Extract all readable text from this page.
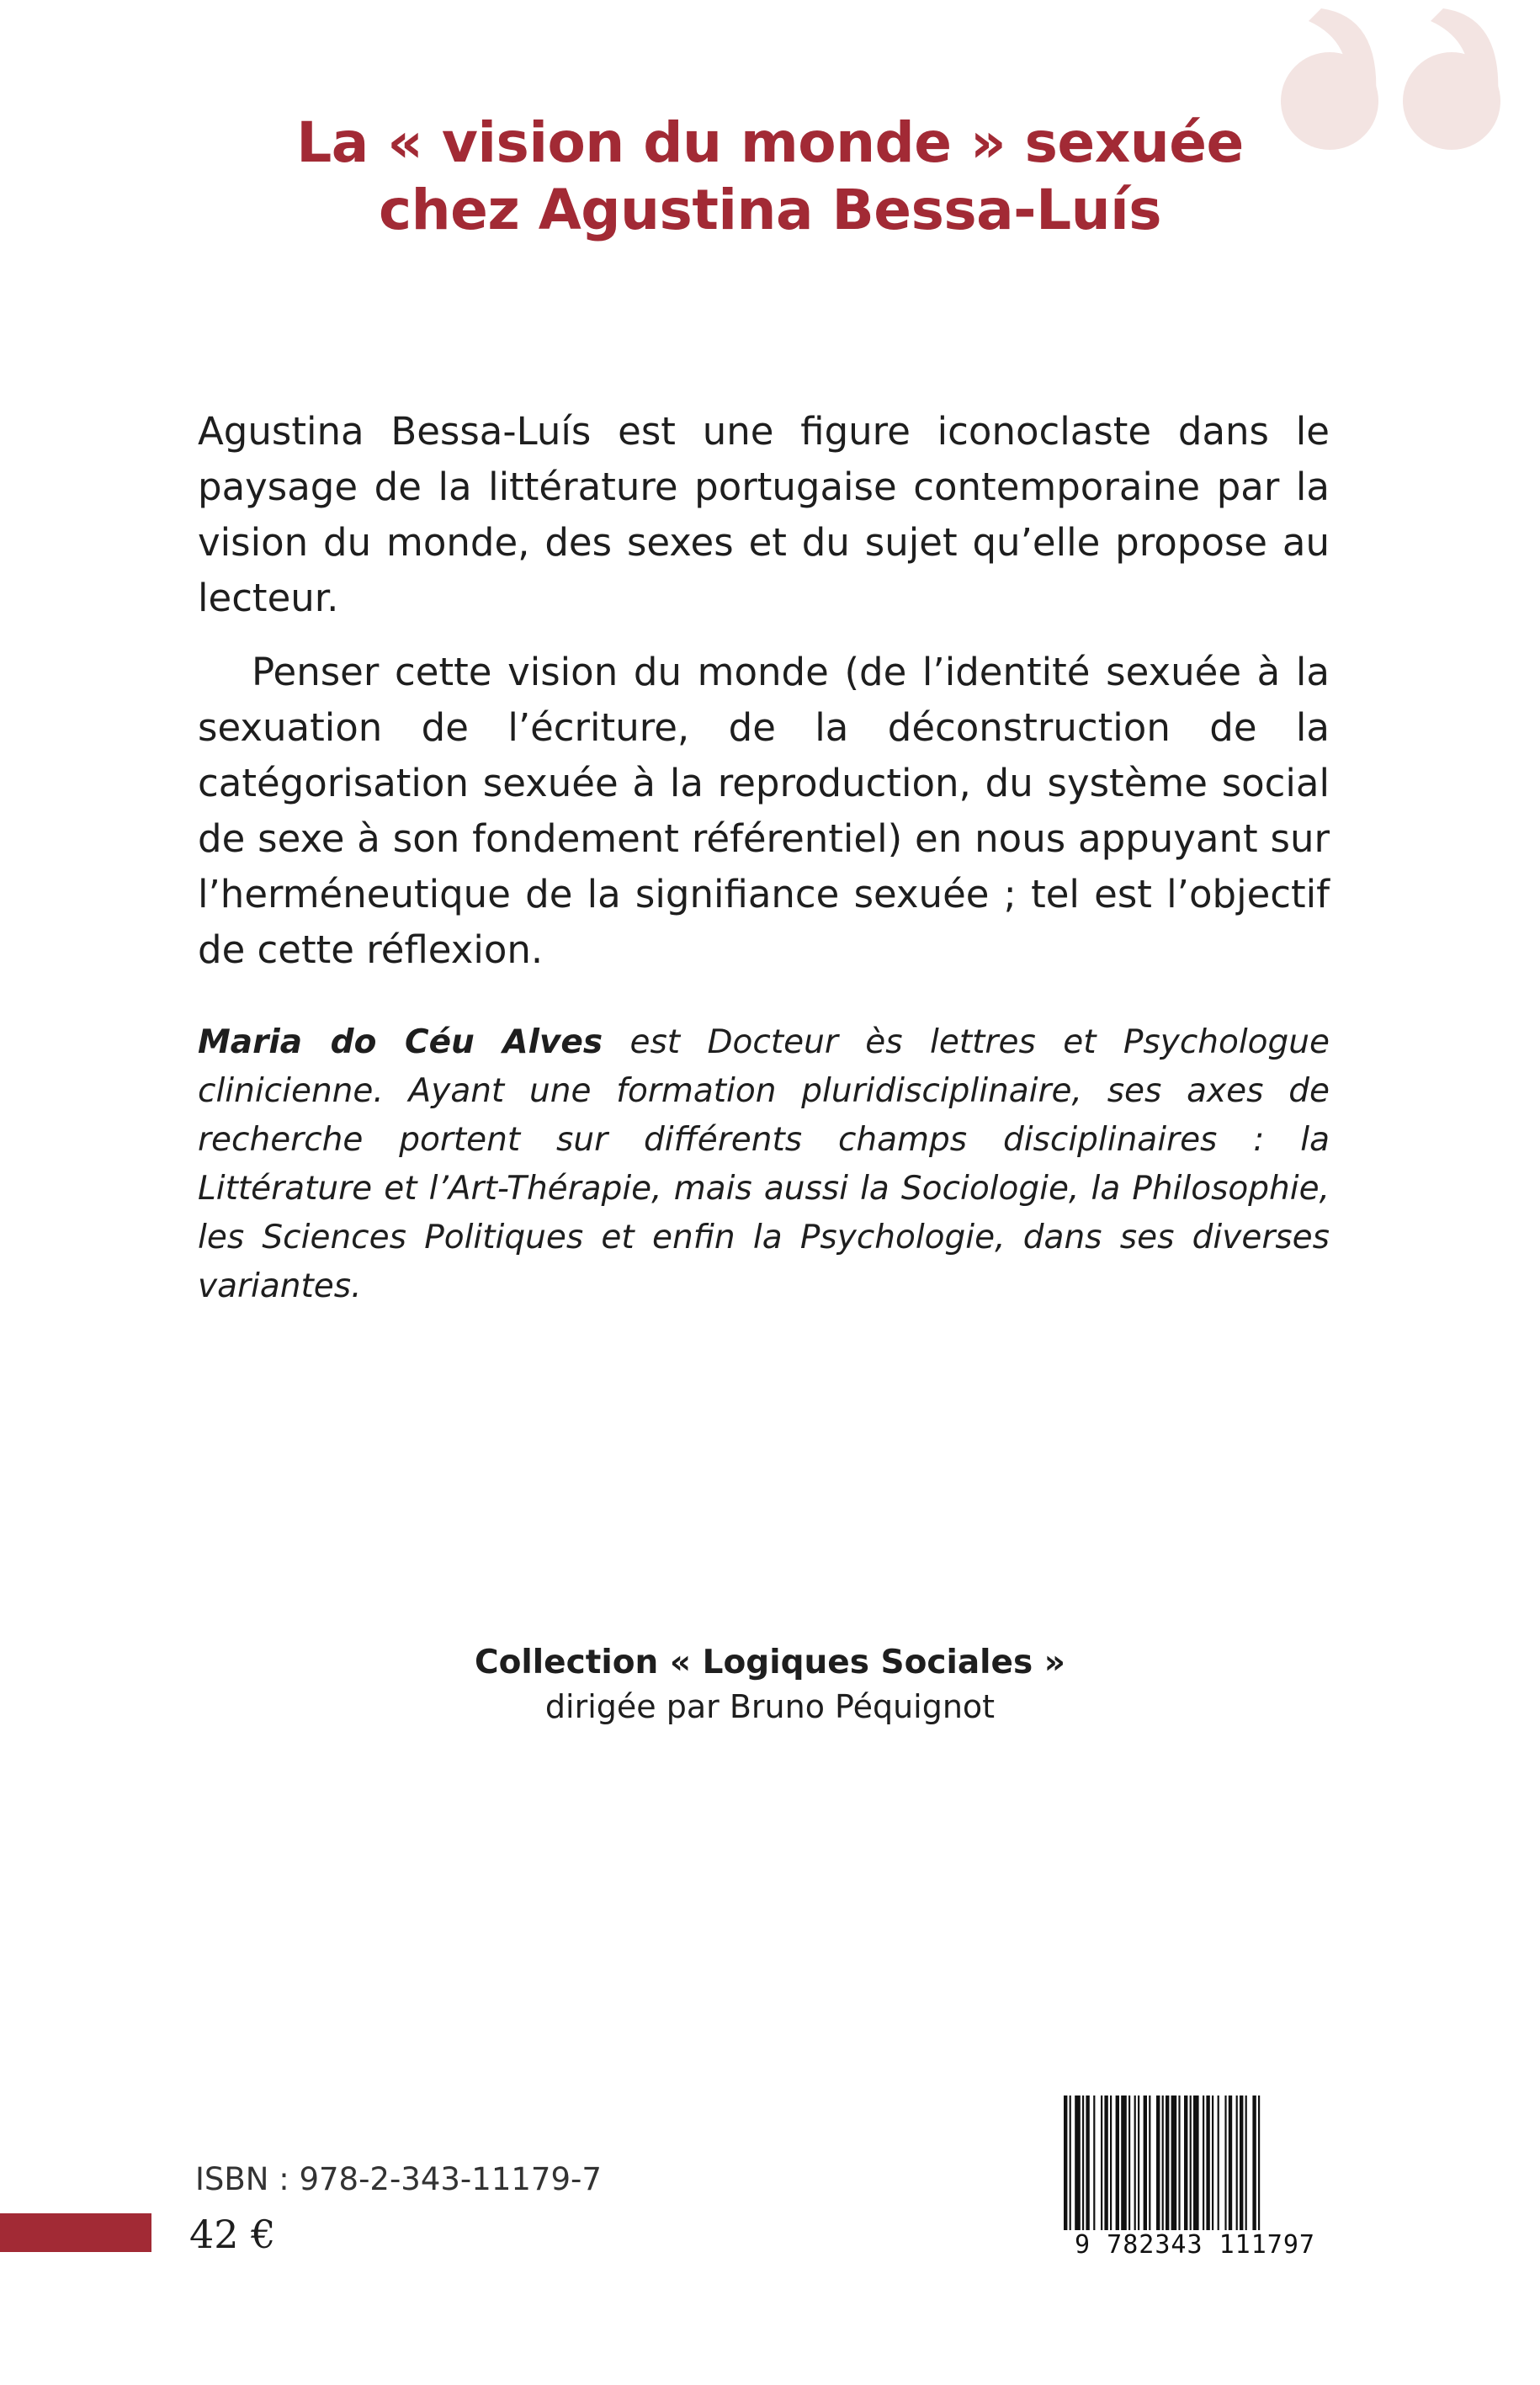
La « vision du monde » sexuée
chez Agustina Bessa-Luís

Agustina Bessa-Luís est une figure iconoclaste dans le paysage de la littérature portugaise contemporaine par la vision du monde, des sexes et du sujet qu’elle propose au lecteur.

Penser cette vision du monde (de l’identité sexuée à la sexuation de l’écriture, de la déconstruction de la catégorisation sexuée à la reproduction, du système social de sexe à son fondement référentiel) en nous appuyant sur l’herméneutique de la signifiance sexuée ; tel est l’objectif de cette réflexion.

Maria do Céu Alves est Docteur ès lettres et Psychologue clinicienne. Ayant une formation pluridisciplinaire, ses axes de recherche portent sur différents champs disciplinaires : la Littérature et l’Art-Thérapie, mais aussi la Sociologie, la Philosophie, les Sciences Politiques et enfin la Psychologie, dans ses diverses variantes.
Collection « Logiques Sociales »
dirigée par Bruno Péquignot
ISBN : 978-2-343-11179-7
42 €	9 782343 111797
